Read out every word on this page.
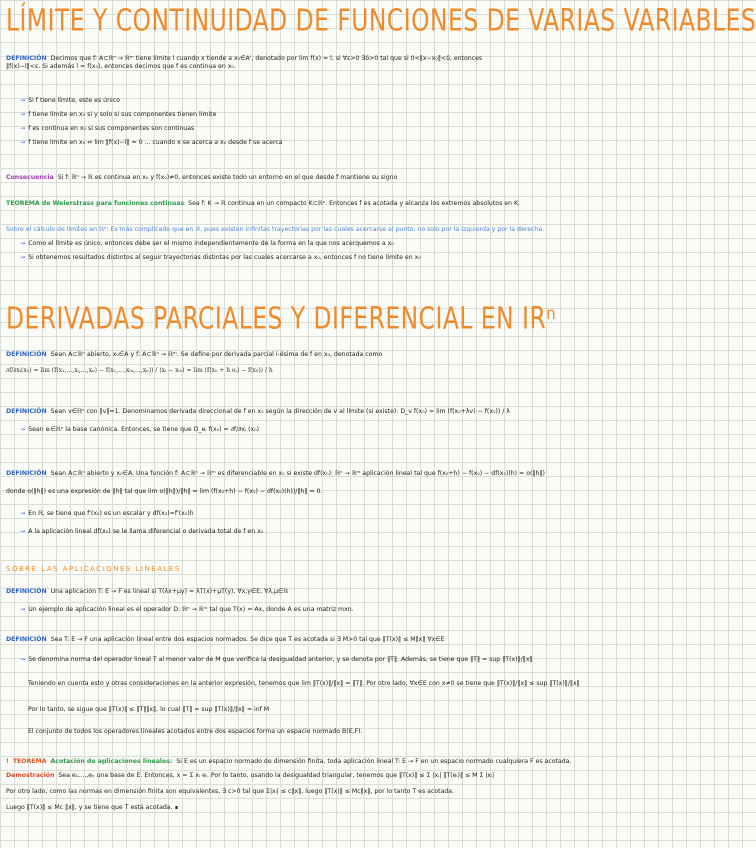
LÍMITE Y CONTINUIDAD DE FUNCIONES DE VARIAS VARIABLES
DEFINICIÓN Decimos que f: A⊂ℝⁿ → ℝᵐ tiene límite l cuando x tiende a x₀∈A', denotado por lim f(x) = l, si ∀ε>0 ∃δ>0 tal que si 0<‖x−x₀‖<δ, entonces
‖f(x)−l‖<ε. Si además l = f(x₀), entonces decimos que f es continua en x₀.
→ Si f tiene límite, este es único
→ f tiene límite en x₀ si y solo si sus componentes tienen límite
→ f es continua en x₀ si sus componentes son continuas
→ f tiene límite en x₀ ⇔ lim ‖f(x)−l‖ = 0 ... cuando x se acerca a x₀ desde f se acerca
Consecuencia Si f: ℝⁿ → ℝ es continua en x₀ y f(x₀)≠0, entonces existe todo un entorno en el que desde f mantiene su signo
TEOREMA de Weierstrass para funciones continuas Sea f: K → ℝ continua en un compacto K⊂ℝⁿ. Entonces f es acotada y alcanza los extremos absolutos en K.
Sobre el cálculo de límites en ℝⁿ: Es más complicado que en ℝ, pues existen infinitas trayectorias por las cuales acercarse al punto, no solo por la izquierda y por la derecha.
→ Como el límite es único, entonces debe ser el mismo independientemente de la forma en la que nos acerquemos a x₀
→ Si obtenemos resultados distintos al seguir trayectorias distintas por las cuales acercarse a x₀, entonces f no tiene límite en x₀
DERIVADAS PARCIALES Y DIFERENCIAL EN IRⁿ
DEFINICIÓN Sean A⊂ℝⁿ abierto, x₀∈A y f: A⊂ℝⁿ → ℝᵐ. Se define por derivada parcial i-ésima de f en x₀, denotada como
∂f/∂xᵢ(x₀) = lim (f(x₁,…,xᵢ,…,xₙ) − f(x₁,…,x₀ᵢ,…,xₙ)) / (xᵢ − x₀ᵢ) = lim (f(x₀ + h eᵢ) − f(x₀)) / h
DEFINICIÓN Sean v∈ℝⁿ con ‖v‖=1. Denominamos derivada direccional de f en x₀ según la dirección de v al límite (si existe): D_v f(x₀) = lim (f(x₀+λv) − f(x₀)) / λ
→ Sean eᵢ∈ℝⁿ la base canónica. Entonces, se tiene que D_eᵢ f(x₀) = ∂f/∂xᵢ (x₀)
DEFINICIÓN Sean A⊂ℝⁿ abierto y x₀∈A. Una función f: A⊂ℝⁿ → ℝᵐ es diferenciable en x₀ si existe df(x₀): ℝⁿ → ℝᵐ aplicación lineal tal que f(x₀+h) − f(x₀) − df(x₀)(h) = o(‖h‖)
donde o(‖h‖) es una expresión de ‖h‖ tal que lim o(‖h‖)/‖h‖ = lim (f(x₀+h) − f(x₀) − df(x₀)(h))/‖h‖ = 0.
→ En ℝ, se tiene que f'(x₀) es un escalar y df(x₀)=f'(x₀)h
→ A la aplicación lineal df(x₀) se le llama diferencial o derivada total de f en x₀
SOBRE LAS APLICACIONES LINEALES
DEFINICIÓN Una aplicación T: E → F es lineal si T(λx+μy) = λT(x)+μT(y), ∀x,y∈E, ∀λ,μ∈ℝ
→ Un ejemplo de aplicación lineal es el operador D: ℝⁿ → ℝᵐ tal que T(x) = Ax, donde A es una matriz mxn.
DEFINICIÓN Sea T: E → F una aplicación lineal entre dos espacios normados. Se dice que T es acotada si ∃ M>0 tal que ‖T(x)‖ ≤ M‖x‖ ∀x∈E
→ Se denomina norma del operador lineal T al menor valor de M que verifica la desigualdad anterior, y se denota por ‖T‖. Además, se tiene que ‖T‖ = sup ‖T(x)‖/‖x‖
Teniendo en cuenta esto y otras consideraciones en la anterior expresión, tenemos que lim ‖T(x)‖/‖x‖ = ‖T‖. Por otro lado, ∀x∈E con x≠0 se tiene que ‖T(x)‖/‖x‖ ≤ sup ‖T(x)‖/‖x‖
Por lo tanto, se sigue que ‖T(x)‖ ≤ ‖T‖‖x‖, lo cual ‖T‖ = sup ‖T(x)‖/‖x‖ = inf M
El conjunto de todos los operadores lineales acotados entre dos espacios forma un espacio normado B(E,F).
! TEOREMA Acotación de aplicaciones lineales: Si E es un espacio normado de dimensión finita, toda aplicación lineal T: E → F en un espacio normado cualquiera F es acotada.
Demostración Sea e₁,…,eₙ una base de E. Entonces, x = Σ xᵢ eᵢ. Por lo tanto, usando la desigualdad triangular, tenemos que ‖T(x)‖ ≤ Σ |xᵢ| ‖T(eᵢ)‖ ≤ M Σ |xᵢ|
Por otro lado, como las normas en dimensión finita son equivalentes, ∃ c>0 tal que Σ|xᵢ| ≤ c‖x‖, luego ‖T(x)‖ ≤ Mc‖x‖, por lo tanto T es acotada.
Luego ‖T(x)‖ ≤ Mc ‖x‖, y se tiene que T está acotada. ∎
